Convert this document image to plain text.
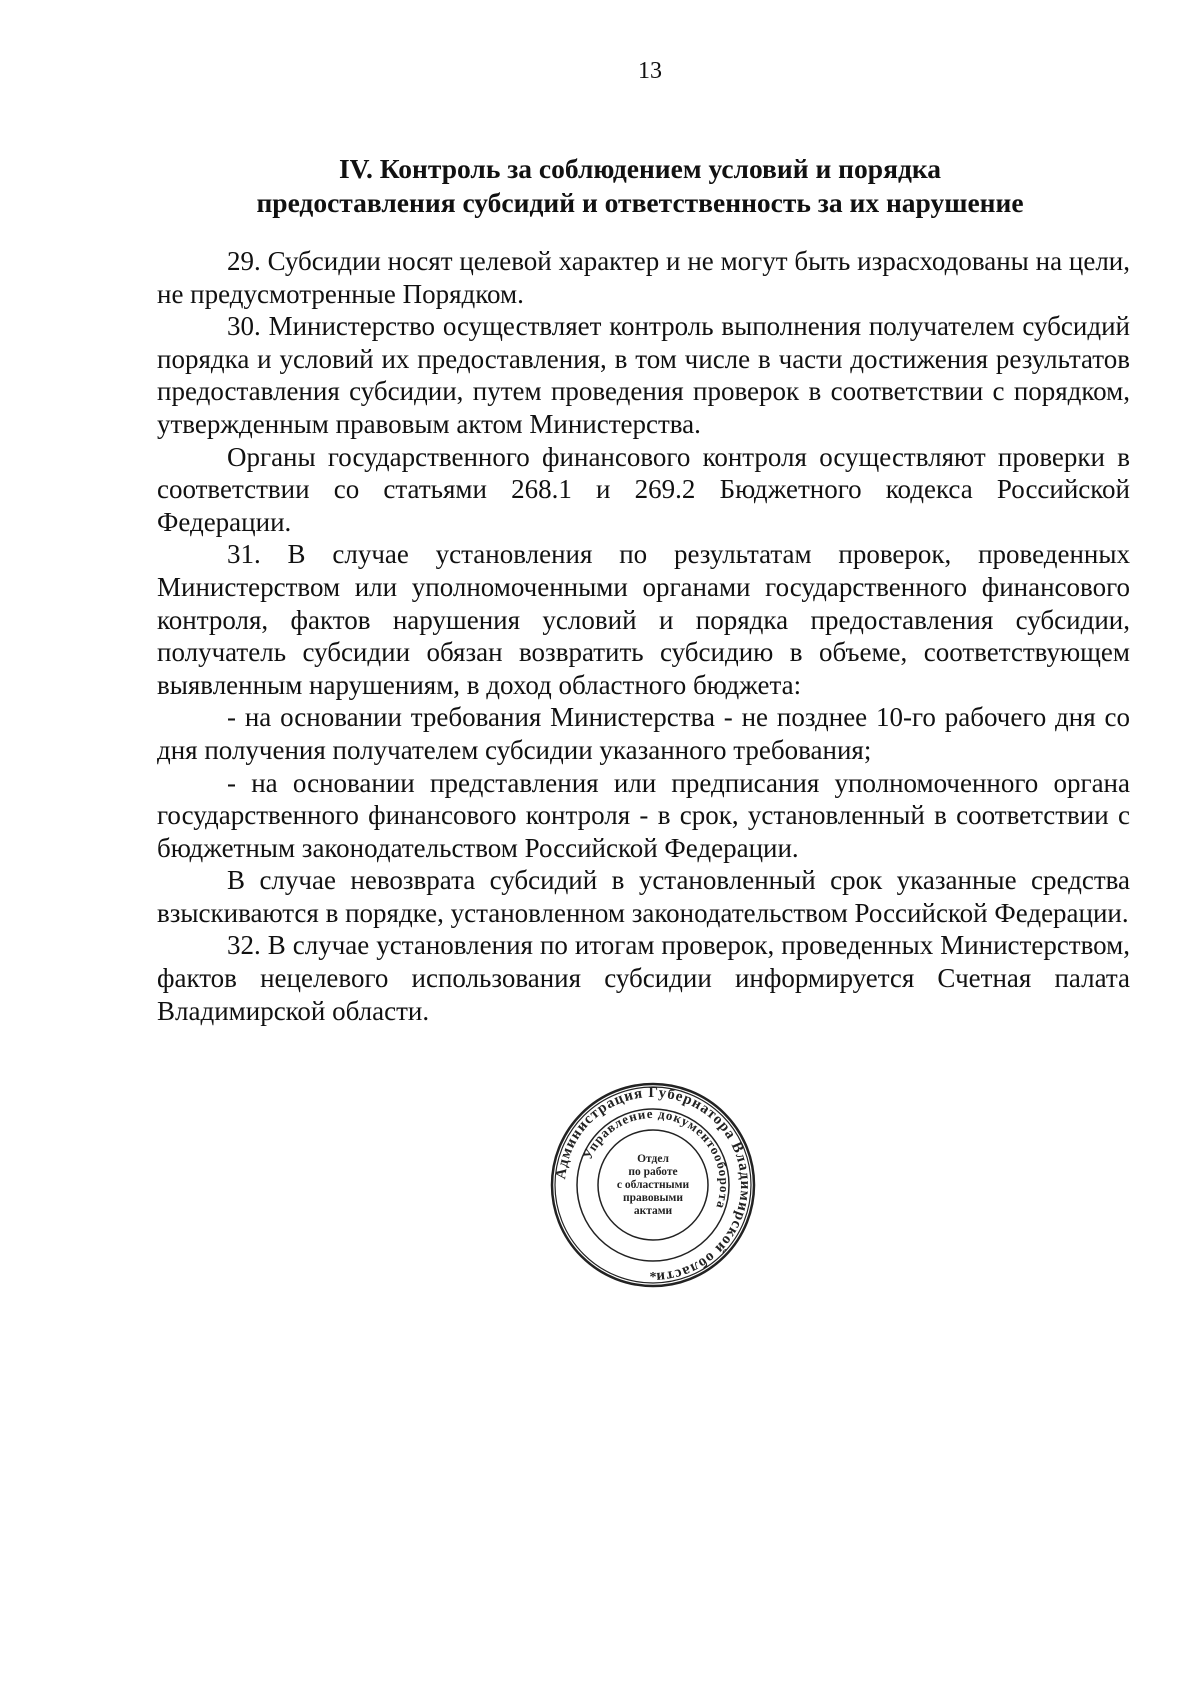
13
IV. Контроль за соблюдением условий и порядка
предоставления субсидий и ответственность за их нарушение

29. Субсидии носят целевой характер и не могут быть израсходованы на цели, не предусмотренные Порядком.

30. Министерство осуществляет контроль выполнения получателем субсидий порядка и условий их предоставления, в том числе в части достижения результатов предоставления субсидии, путем проведения проверок в соответствии с порядком, утвержденным правовым актом Министерства.

Органы государственного финансового контроля осуществляют проверки в соответствии со статьями 268.1 и 269.2 Бюджетного кодекса Российской Федерации.

31. В случае установления по результатам проверок, проведенных Министерством или уполномоченными органами государственного финансового контроля, фактов нарушения условий и порядка предоставления субсидии, получатель субсидии обязан возвратить субсидию в объеме, соответствующем выявленным нарушениям, в доход областного бюджета:

- на основании требования Министерства - не позднее 10-го рабочего дня со дня получения получателем субсидии указанного требования;

- на основании представления или предписания уполномоченного органа государственного финансового контроля - в срок, установленный в соответствии с бюджетным законодательством Российской Федерации.

В случае невозврата субсидий в установленный срок указанные средства взыскиваются в порядке, установленном законодательством Российской Федерации.

32. В случае установления по итогам проверок, проведенных Министерством, фактов нецелевого использования субсидии информируется Счетная палата Владимирской области.

Администрация Губернатора Владимирской области
Управление документооборота
*
Отдел
по работе
с областными
правовыми
актами
